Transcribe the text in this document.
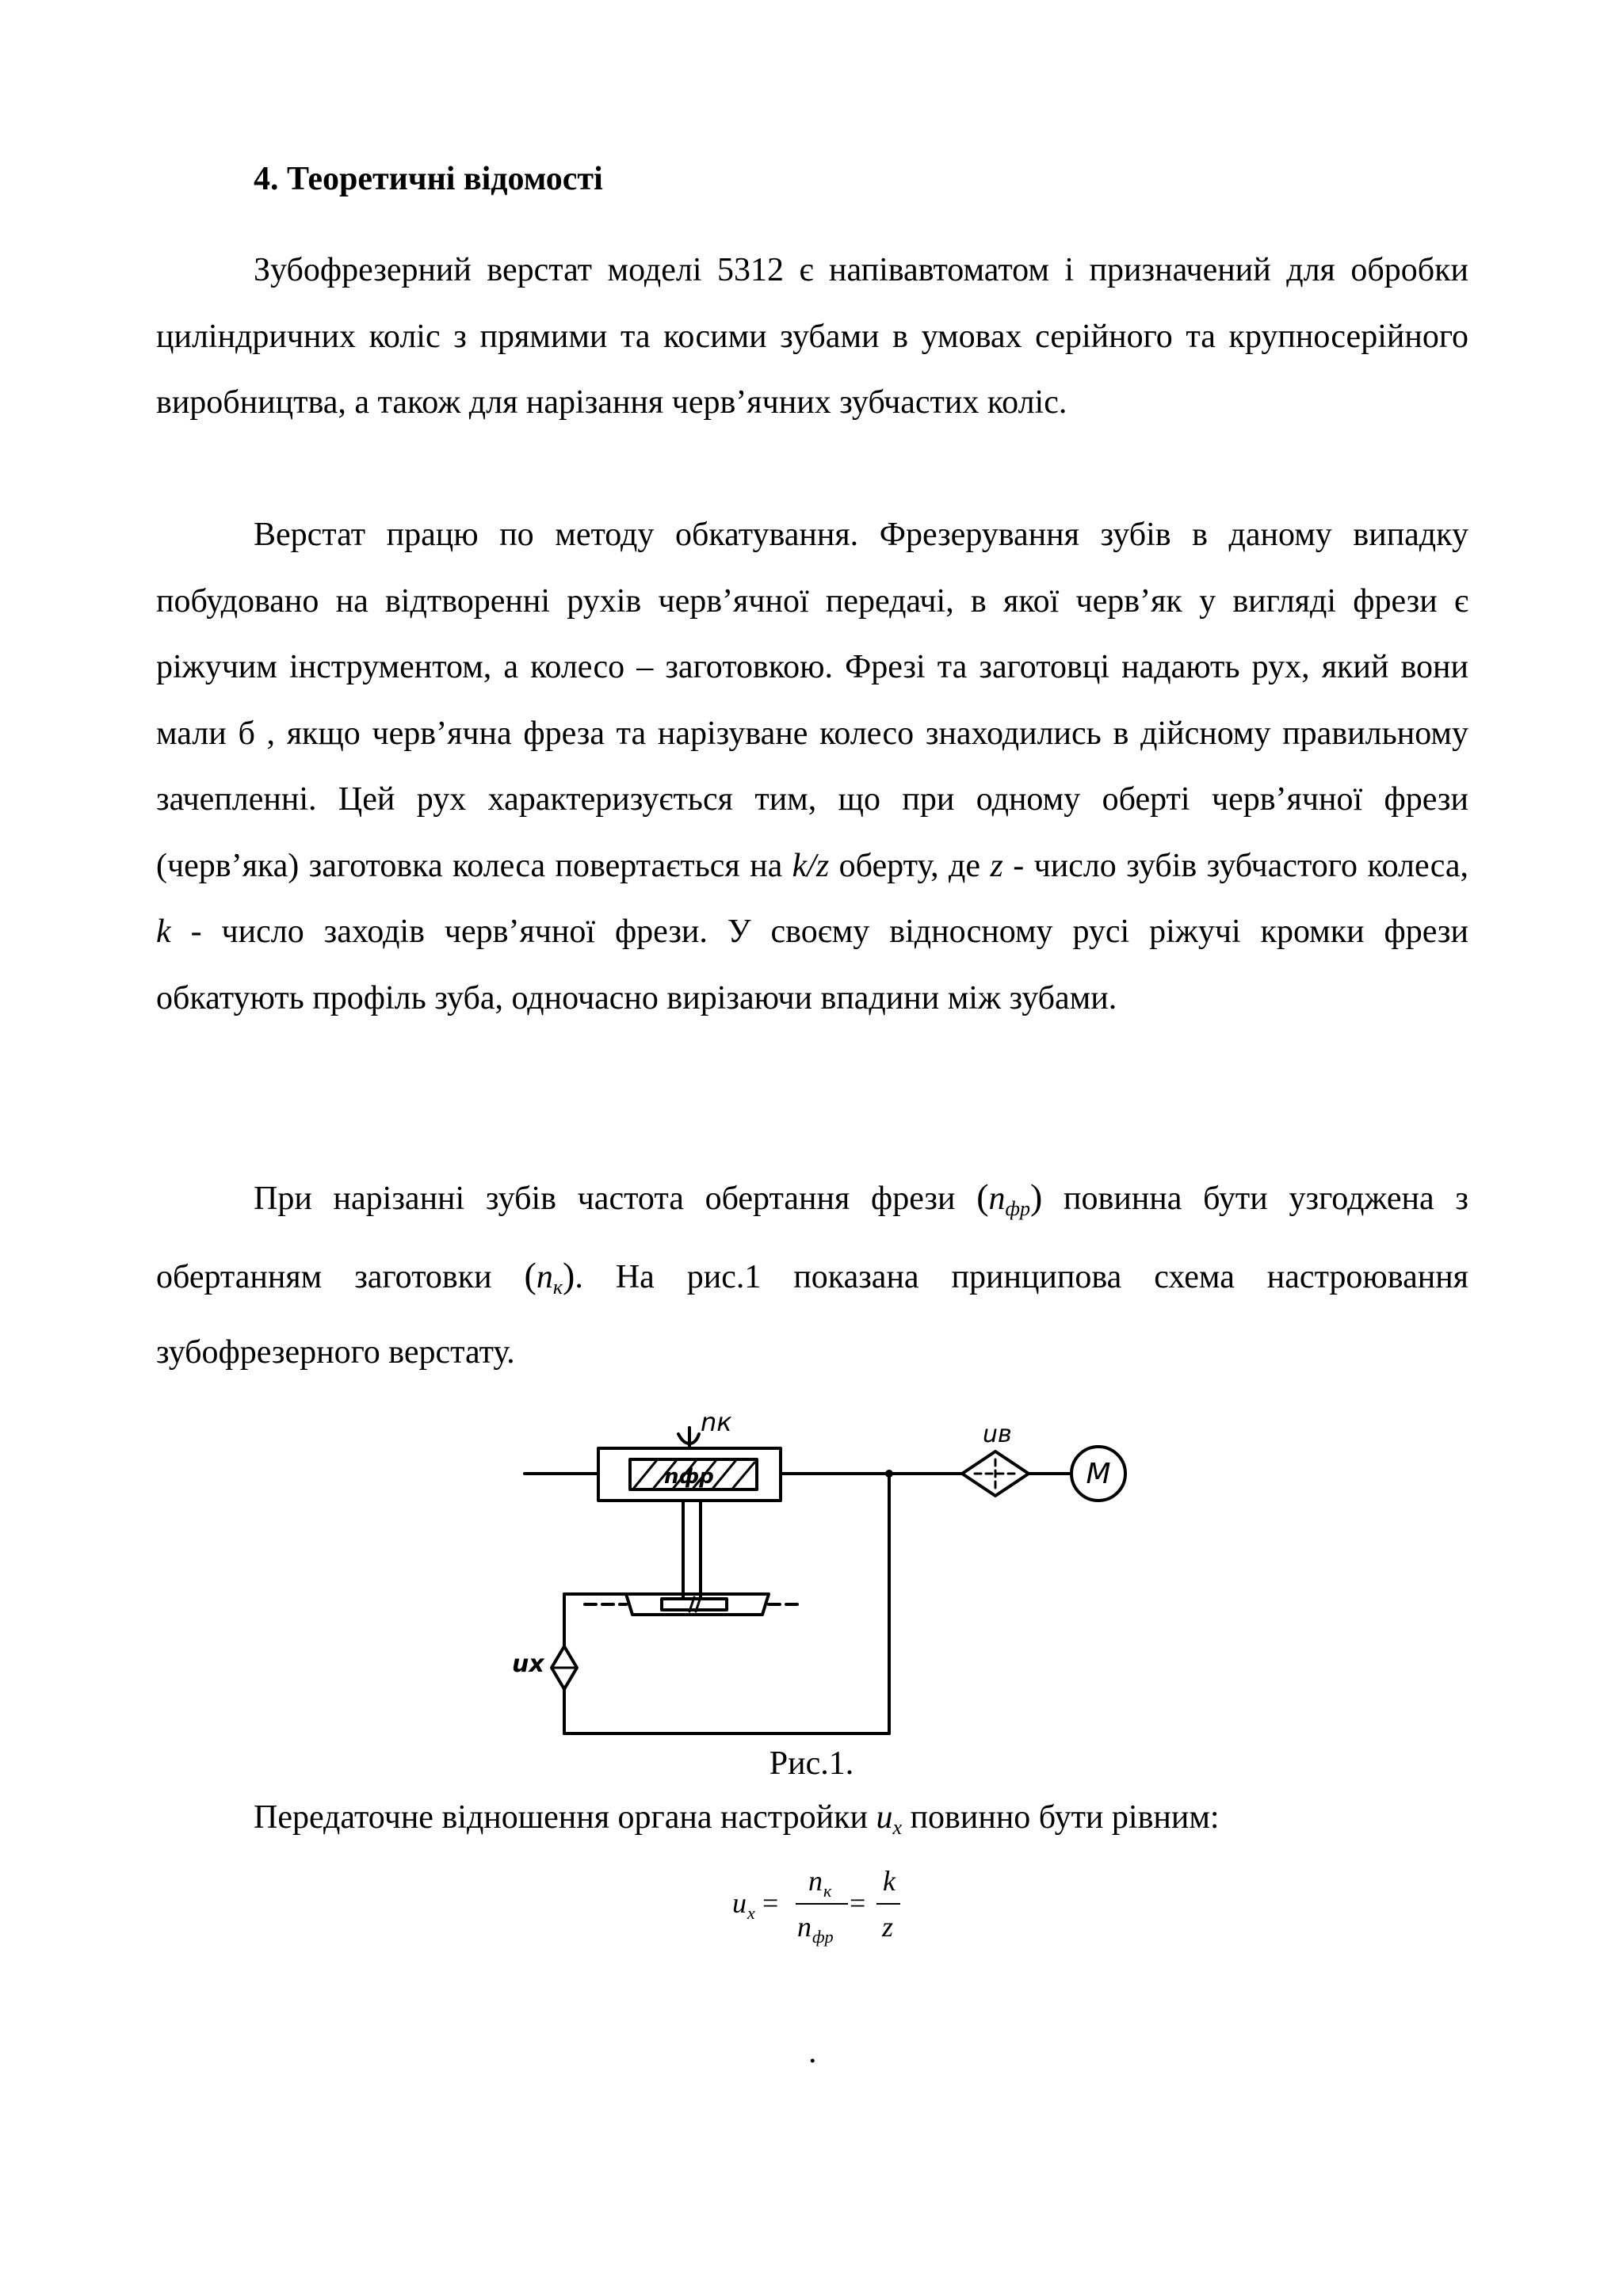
4. Теоретичні відомості
Зубофрезерний верстат моделі 5312 є напівавтоматом і призначений для обробки циліндричних коліс з прямими та косими зубами в умовах серійного та крупносерійного виробництва, а також для нарізання черв’ячних зубчастих коліс.
Верстат працю по методу обкатування. Фрезерування зубів в даному випадку побудовано на відтворенні рухів черв’ячної передачі, в якої черв’як у вигляді фрези є ріжучим інструментом, а колесо – заготовкою. Фрезі та заготовці надають рух, який вони мали б , якщо черв’ячна фреза та нарізуване колесо знаходились в дійсному правильному зачепленні. Цей рух характеризується тим, що при одному оберті черв’ячної фрези (черв’яка) заготовка колеса повертається на k/z оберту, де z - число зубів зубчастого колеса, k - число заходів черв’ячної фрези. У своєму відносному русі ріжучі кромки фрези обкатують профіль зуба, одночасно вирізаючи впадини між зубами.
При нарізанні зубів частота обертання фрези $(n_{фр})$ повинна бути узгоджена з обертанням заготовки $(n_к)$. На рис.1 показана принципова схема настроювання зубофрезерного верстату.
nк
nфр
uв
uх
M
Рис.1.
Передаточне відношення органа настройки $u_x$ повинно бути рівним:
u x =
n к
n фр
=
k
z
.
